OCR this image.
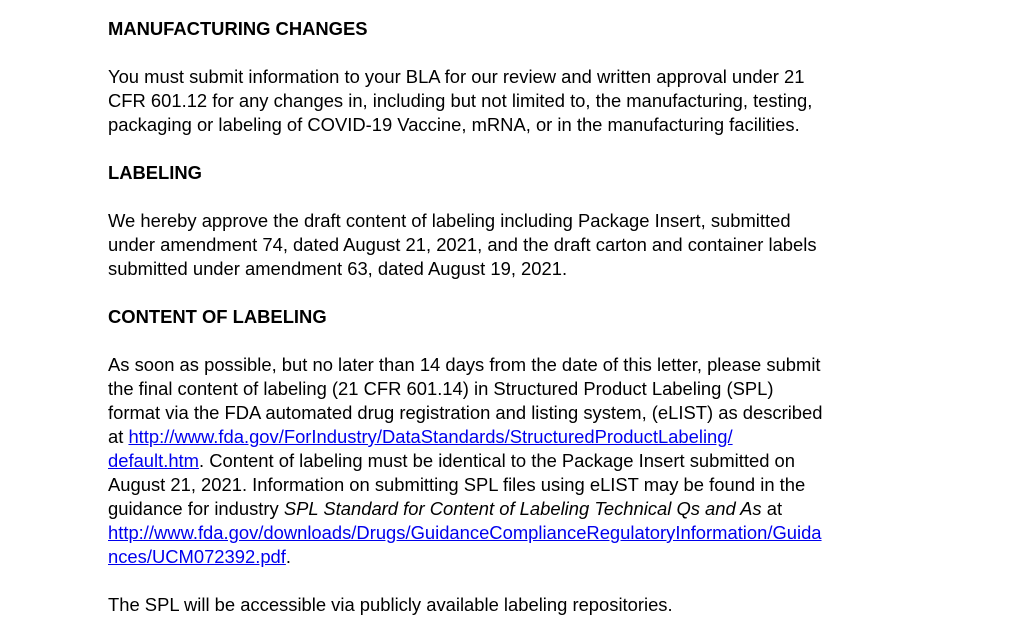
MANUFACTURING CHANGES
You must submit information to your BLA for our review and written approval under 21
CFR 601.12 for any changes in, including but not limited to, the manufacturing, testing,
packaging or labeling of COVID-19 Vaccine, mRNA, or in the manufacturing facilities.
LABELING
We hereby approve the draft content of labeling including Package Insert, submitted
under amendment 74, dated August 21, 2021, and the draft carton and container labels
submitted under amendment 63, dated August 19, 2021.
CONTENT OF LABELING
As soon as possible, but no later than 14 days from the date of this letter, please submit
the final content of labeling (21 CFR 601.14) in Structured Product Labeling (SPL)
format via the FDA automated drug registration and listing system, (eLIST) as described
at http://www.fda.gov/ForIndustry/DataStandards/StructuredProductLabeling/
default.htm. Content of labeling must be identical to the Package Insert submitted on
August 21, 2021. Information on submitting SPL files using eLIST may be found in the
guidance for industry SPL Standard for Content of Labeling Technical Qs and As at
http://www.fda.gov/downloads/Drugs/GuidanceComplianceRegulatoryInformation/Guida
nces/UCM072392.pdf.
The SPL will be accessible via publicly available labeling repositories.
